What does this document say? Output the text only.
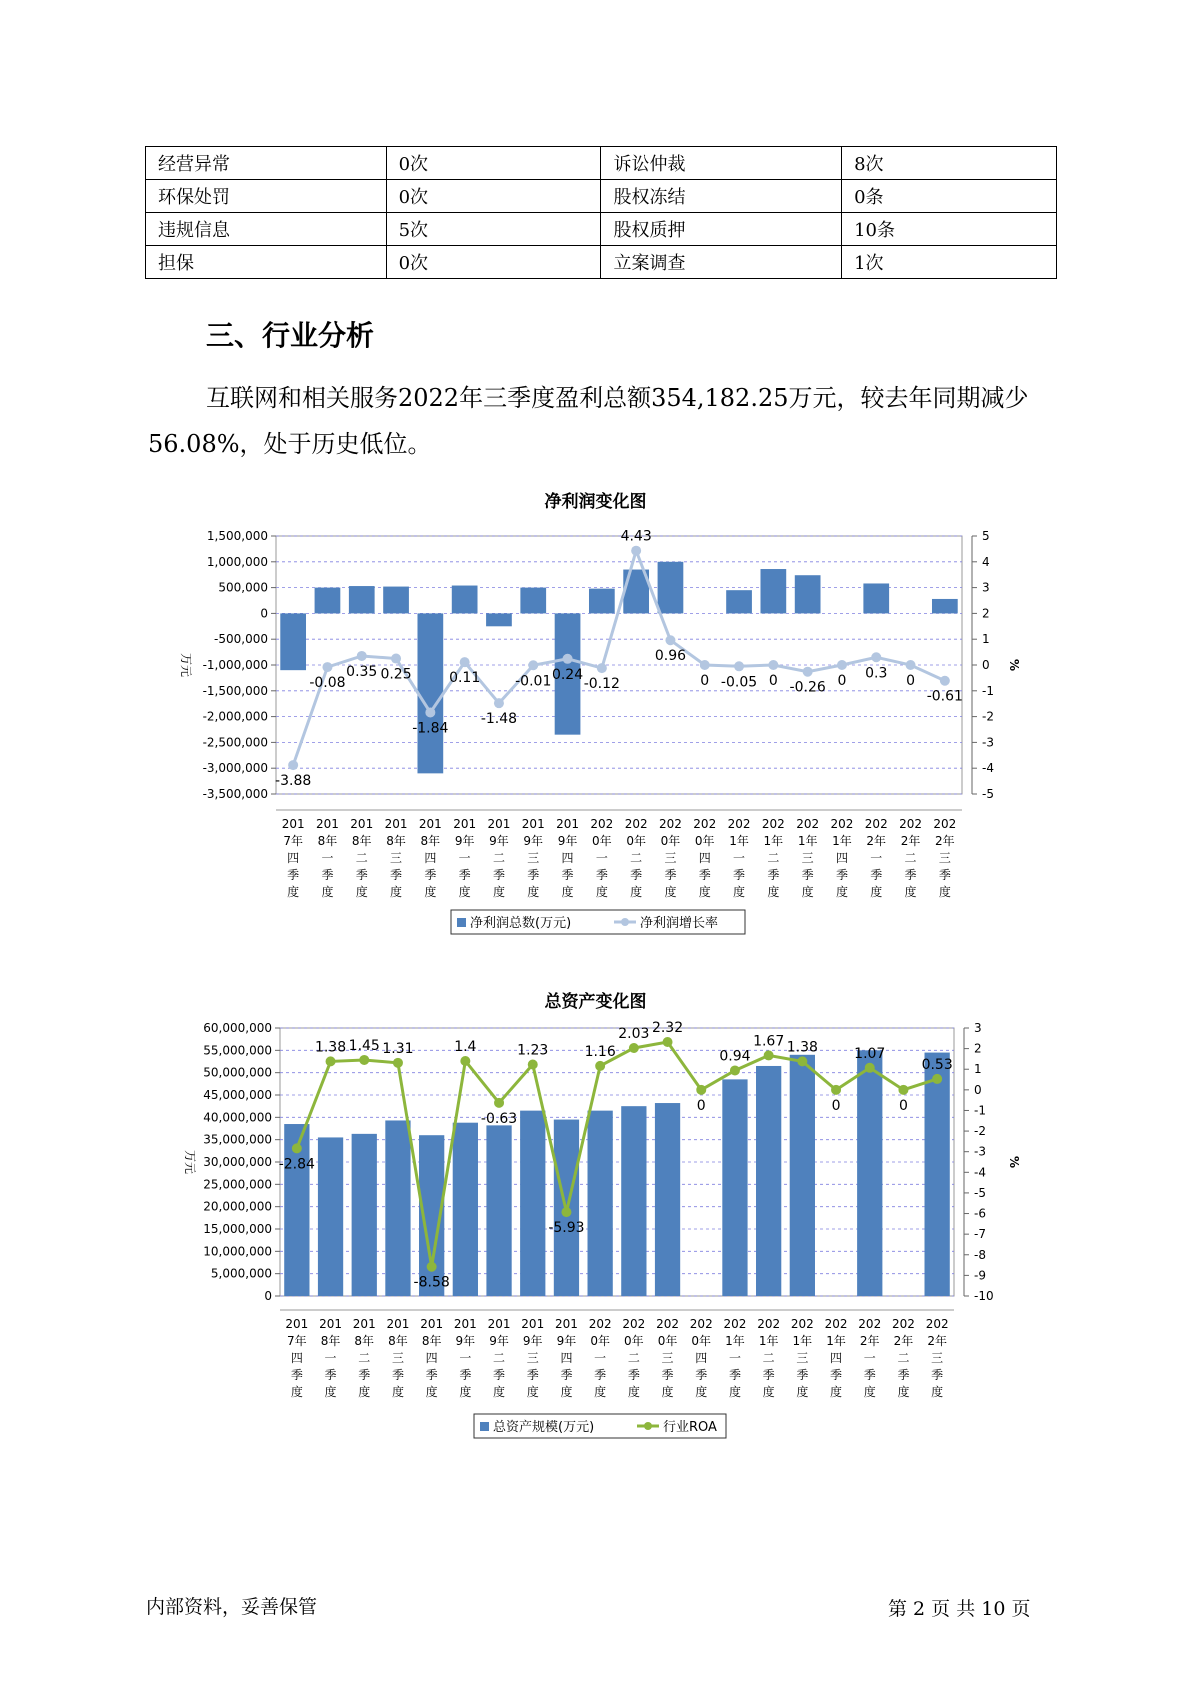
经营异常	0次	诉讼仲裁	8次
环保处罚	0次	股权冻结	0条
违规信息	5次	股权质押	10条
担保	0次	立案调查	1次
三、行业分析

互联网和相关服务2022年三季度盈利总额354,182.25万元，较去年同期减少56.08%，处于历史低位。

净利润变化图
1,500,000
1,000,000
500,000
0
-500,000
-1,000,000
-1,500,000
-2,000,000
-2,500,000
-3,000,000
-3,500,000
5
4
3
2
1
0
-1
-2
-3
-4
-5
万元	%
-3.88
-0.08
0.35 0.25
-1.84
0.11
-1.48
-0.01 0.24
-0.12
4.43
0.96
0 -0.05 0 -0.26 0 0.3 0
-0.61
201 7年四季度
201 8年一季度
201 8年二季度
201 8年三季度
201 8年四季度
201 9年一季度
201 9年二季度
201 9年三季度
201 9年四季度
202 0年一季度
202 0年二季度
202 0年三季度
202 0年四季度
202 1年一季度
202 1年二季度
202 1年三季度
202 1年四季度
202 2年一季度
202 2年二季度
202 2年三季度
净利润总数(万元)	净利润增长率
总资产变化图
60,000,000
55,000,000
50,000,000
45,000,000
40,000,000
35,000,000
30,000,000
25,000,000
20,000,000
15,000,000
10,000,000
5,000,000
0
3
2
1
0
-1
-2
-3
-4
-5
-6
-7
-8
-9
-10
万元	%
-2.84
1.38 1.45 1.31
-8.58
1.4
-0.63
1.23
-5.93
1.16
2.03 2.32
0
0.94
1.67 1.38
0
1.07
0
0.53
201 7年四季度
201 8年一季度
201 8年二季度
201 8年三季度
201 8年四季度
201 9年一季度
201 9年二季度
201 9年三季度
201 9年四季度
202 0年一季度
202 0年二季度
202 0年三季度
202 0年四季度
202 1年一季度
202 1年二季度
202 1年三季度
202 1年四季度
202 2年一季度
202 2年二季度
202 2年三季度
总资产规模(万元)	行业ROA
内部资料，妥善保管	第 2 页 共 10 页
